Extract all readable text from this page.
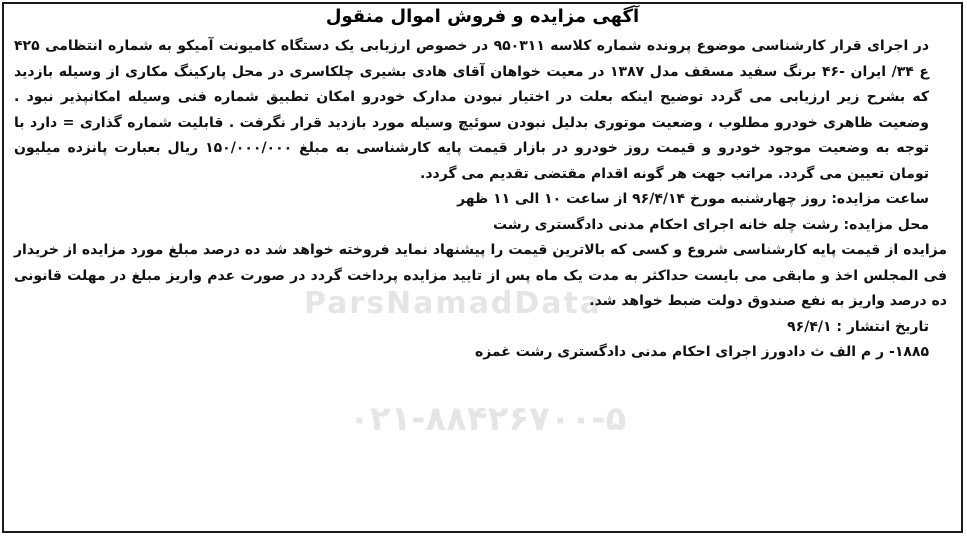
ParsNamadData
۰۲۱-۸۸۴۲۶۷۰۰-۵
آگهی مزایده و فروش اموال منقول

در اجرای قرار کارشناسی موضوع پرونده شماره کلاسه ۹۵۰۳۱۱ در خصوص ارزیابی یک دستگاه کامیونت آمیکو به شماره انتظامی ۴۲۵ ع ۳۴/ ایران -۴۶ برنگ سفید مسقف مدل ۱۳۸۷ در معیت خواهان آقای هادی بشیری چلکاسری در محل پارکینگ مکاری از وسیله بازدید که بشرح زیر ارزیابی می گردد توضیح اینکه بعلت در اختیار نبودن مدارک خودرو امکان تطبیق شماره فنی وسیله امکانپذیر نبود . وضعیت ظاهری خودرو مطلوب ، وضعیت موتوری بدلیل نبودن سوئیچ وسیله مورد بازدید قرار نگرفت . قابلیت شماره گذاری = دارد با توجه به وضعیت موجود خودرو و قیمت روز خودرو در بازار قیمت پایه کارشناسی به مبلغ ۱۵۰/۰۰۰/۰۰۰ ریال بعبارت پانزده میلیون تومان تعیین می گردد. مراتب جهت هر گونه اقدام مقتضی تقدیم می گردد.

ساعت مزایده: روز چهارشنبه مورخ ۹۶/۴/۱۴ از ساعت ۱۰ الی ۱۱ ظهر

محل مزایده: رشت چله خانه اجرای احکام مدنی دادگستری رشت

مزایده از قیمت پایه کارشناسی شروع و کسی که بالاترین قیمت را پیشنهاد نماید فروخته خواهد شد ده درصد مبلغ مورد مزایده از خریدار فی المجلس اخذ و مابقی می بایست حداکثر به مدت یک ماه پس از تایید مزایده پرداخت گردد در صورت عدم واریز مبلغ در مهلت قانونی ده درصد واریز به نفع صندوق دولت ضبط خواهد شد.

تاریخ انتشار : ۹۶/۴/۱

۱۸۸۵- ر م الف ث دادورز اجرای احکام مدنی دادگستری رشت غمزه
